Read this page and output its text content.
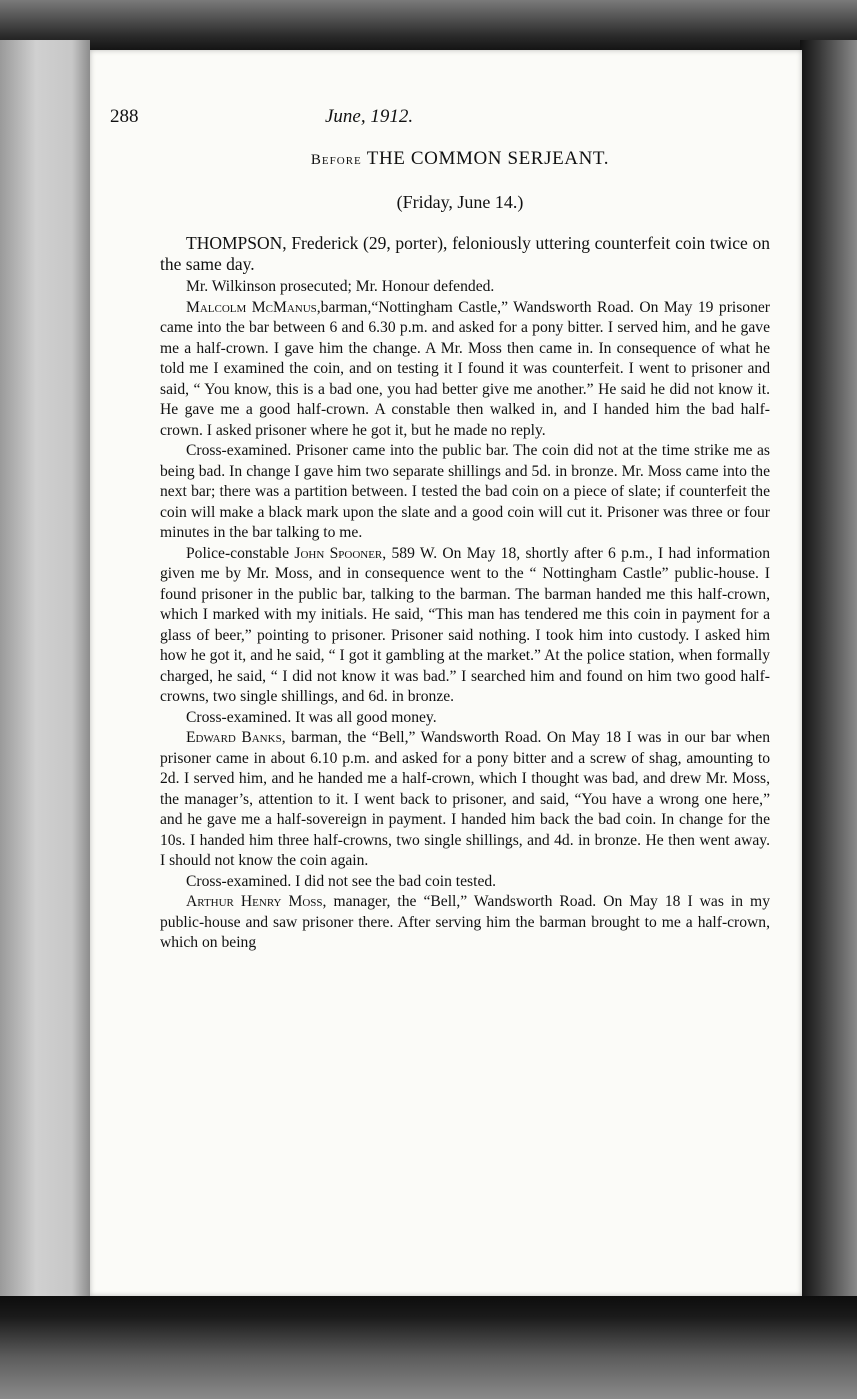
288	June, 1912.
Before THE COMMON SERJEANT.
(Friday, June 14.)

THOMPSON, Frederick (29, porter), feloniously uttering counterfeit coin twice on the same day.

Mr. Wilkinson prosecuted; Mr. Honour defended.

Malcolm McManus,barman,“Nottingham Castle,” Wandsworth Road. On May 19 prisoner came into the bar between 6 and 6.30 p.m. and asked for a pony bitter. I served him, and he gave me a half-crown. I gave him the change. A Mr. Moss then came in. In consequence of what he told me I examined the coin, and on testing it I found it was counterfeit. I went to prisoner and said, “ You know, this is a bad one, you had better give me another.” He said he did not know it. He gave me a good half-crown. A constable then walked in, and I handed him the bad half-crown. I asked prisoner where he got it, but he made no reply.

Cross-examined. Prisoner came into the public bar. The coin did not at the time strike me as being bad. In change I gave him two separate shillings and 5d. in bronze. Mr. Moss came into the next bar; there was a partition between. I tested the bad coin on a piece of slate; if counterfeit the coin will make a black mark upon the slate and a good coin will cut it. Prisoner was three or four minutes in the bar talking to me.

Police-constable John Spooner, 589 W. On May 18, shortly after 6 p.m., I had information given me by Mr. Moss, and in consequence went to the “ Nottingham Castle” public-house. I found prisoner in the public bar, talking to the barman. The barman handed me this half-crown, which I marked with my initials. He said, “This man has tendered me this coin in payment for a glass of beer,” pointing to prisoner. Prisoner said nothing. I took him into custody. I asked him how he got it, and he said, “ I got it gambling at the market.” At the police station, when formally charged, he said, “ I did not know it was bad.” I searched him and found on him two good half-crowns, two single shillings, and 6d. in bronze.

Cross-examined. It was all good money.

Edward Banks, barman, the “Bell,” Wandsworth Road. On May 18 I was in our bar when prisoner came in about 6.10 p.m. and asked for a pony bitter and a screw of shag, amounting to 2d. I served him, and he handed me a half-crown, which I thought was bad, and drew Mr. Moss, the manager’s, attention to it. I went back to prisoner, and said, “You have a wrong one here,” and he gave me a half-sovereign in payment. I handed him back the bad coin. In change for the 10s. I handed him three half-crowns, two single shillings, and 4d. in bronze. He then went away. I should not know the coin again.

Cross-examined. I did not see the bad coin tested.

Arthur Henry Moss, manager, the “Bell,” Wandsworth Road. On May 18 I was in my public-house and saw prisoner there. After serving him the barman brought to me a half-crown, which on being
